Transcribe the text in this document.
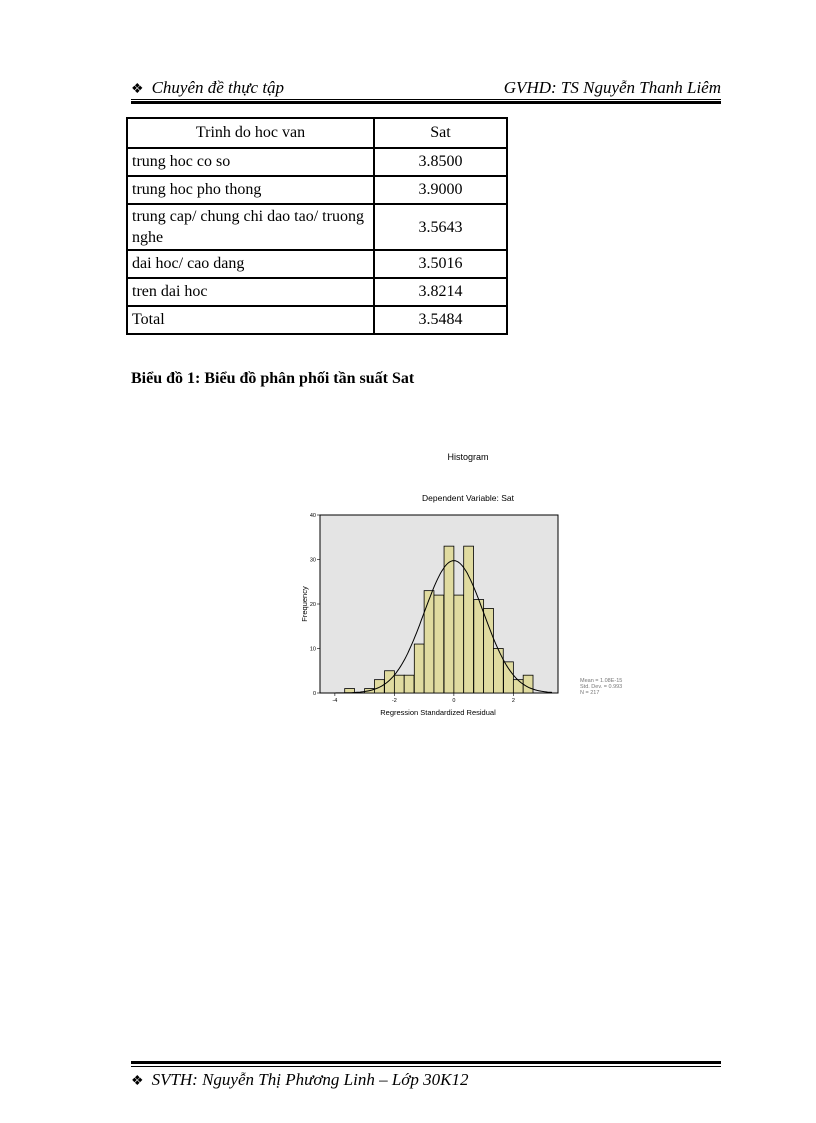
❖ Chuyên đề thực tập	GVHD: TS Nguyễn Thanh Liêm
Trinh do hoc van	Sat
trung hoc co so	3.8500
trung hoc pho thong	3.9000
trung cap/ chung chi dao tao/ truong nghe	3.5643
dai hoc/ cao dang	3.5016
tren dai hoc	3.8214
Total	3.5484
Biểu đồ 1: Biểu đồ phân phối tần suất Sat
Histogram
Dependent Variable: Sat
0
10
20
30
40
-4	-2	0	2
Frequency
Regression Standardized Residual
Mean = 1.08E-15
Std. Dev. = 0.993
N = 217
❖ SVTH: Nguyễn Thị Phương Linh – Lớp 30K12
